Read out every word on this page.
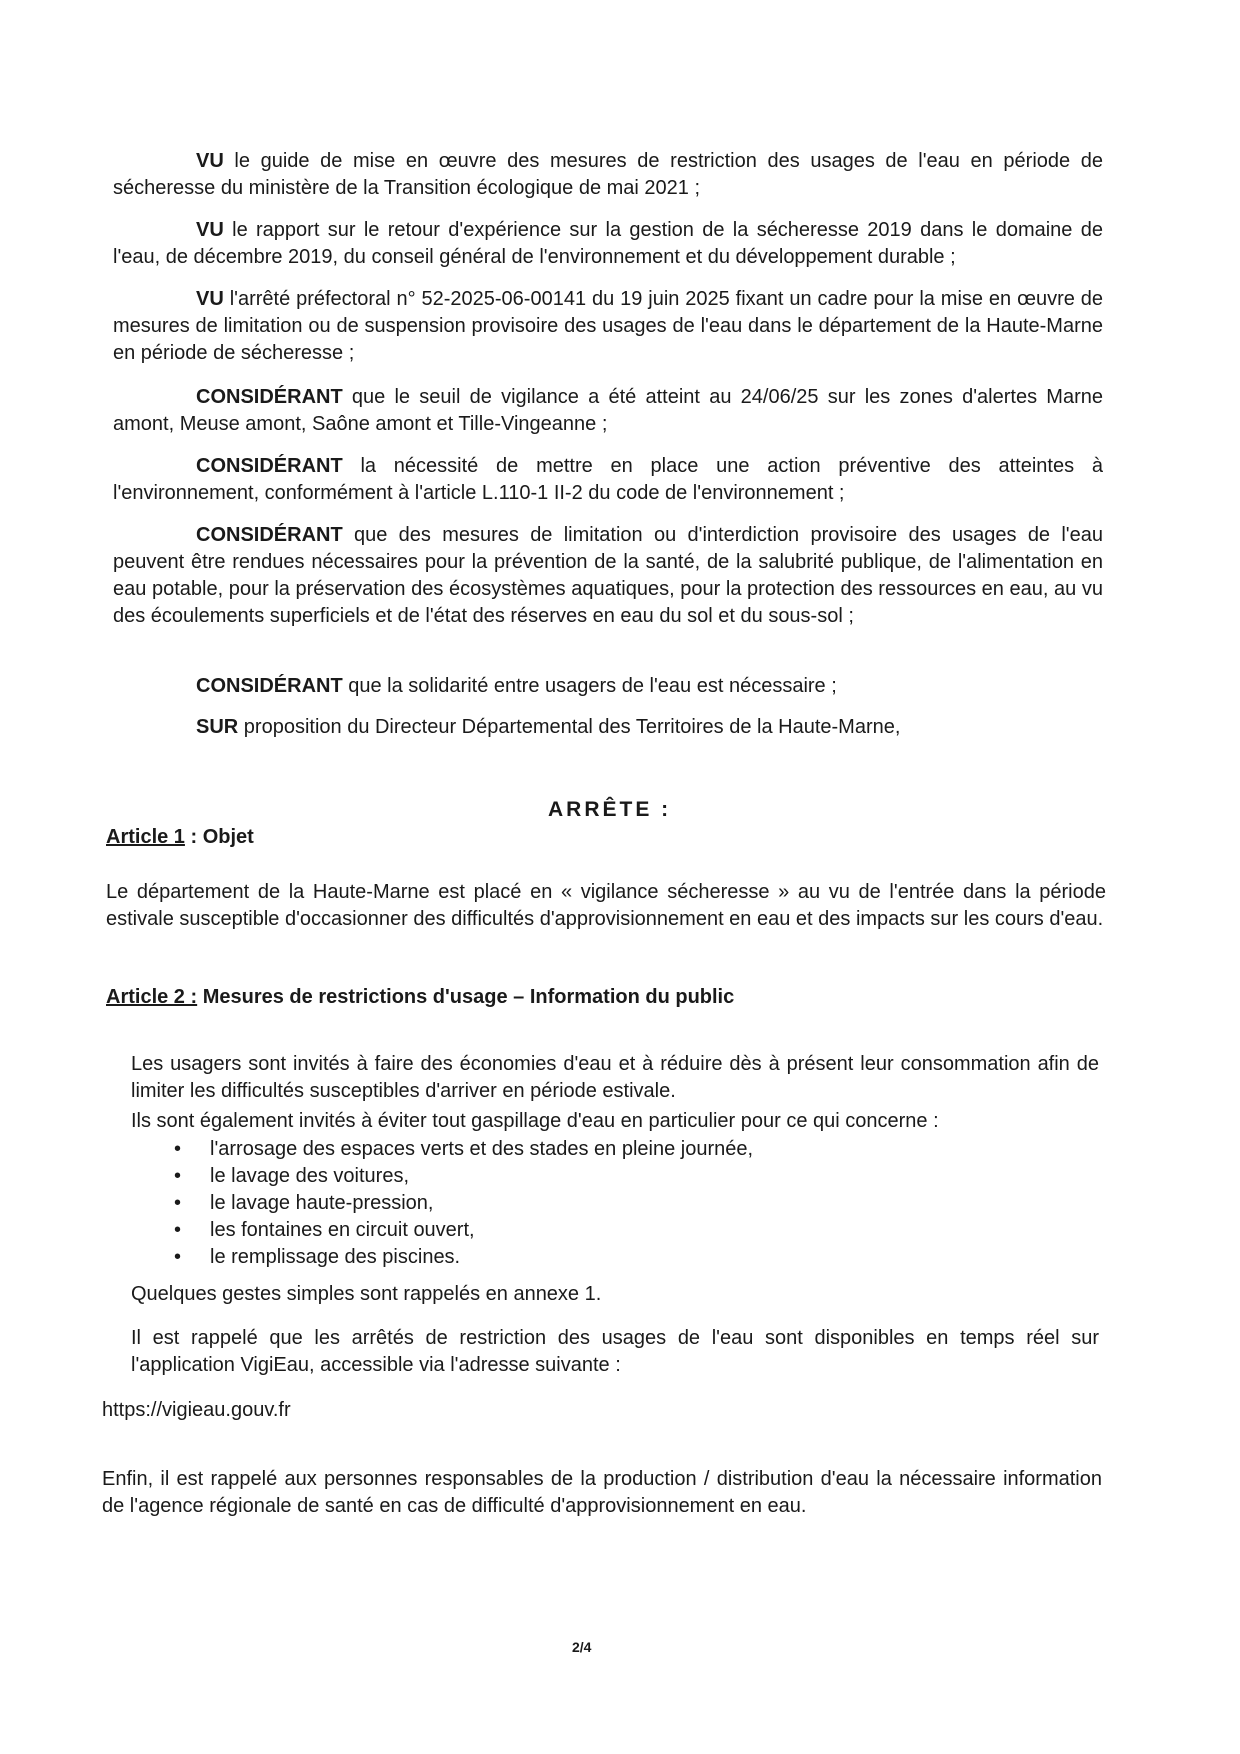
VU le guide de mise en œuvre des mesures de restriction des usages de l'eau en période de sécheresse du ministère de la Transition écologique de mai 2021 ;

VU le rapport sur le retour d'expérience sur la gestion de la sécheresse 2019 dans le domaine de l'eau, de décembre 2019, du conseil général de l'environnement et du développement durable ;

VU l'arrêté préfectoral n° 52-2025-06-00141 du 19 juin 2025 fixant un cadre pour la mise en œuvre de mesures de limitation ou de suspension provisoire des usages de l'eau dans le département de la Haute-Marne en période de sécheresse ;

CONSIDÉRANT que le seuil de vigilance a été atteint au 24/06/25 sur les zones d'alertes Marne amont, Meuse amont, Saône amont et Tille-Vingeanne ;

CONSIDÉRANT la nécessité de mettre en place une action préventive des atteintes à l'environnement, conformément à l'article L.110-1 II-2 du code de l'environnement ;

CONSIDÉRANT que des mesures de limitation ou d'interdiction provisoire des usages de l'eau peuvent être rendues nécessaires pour la prévention de la santé, de la salubrité publique, de l'alimentation en eau potable, pour la préservation des écosystèmes aquatiques, pour la protection des ressources en eau, au vu des écoulements superficiels et de l'état des réserves en eau du sol et du sous-sol ;

CONSIDÉRANT que la solidarité entre usagers de l'eau est nécessaire ;

SUR proposition du Directeur Départemental des Territoires de la Haute-Marne,

ARRÊTE :

Article 1 : Objet

Le département de la Haute-Marne est placé en « vigilance sécheresse » au vu de l'entrée dans la période estivale susceptible d'occasionner des difficultés d'approvisionnement en eau et des impacts sur les cours d'eau.

Article 2 : Mesures de restrictions d'usage – Information du public

Les usagers sont invités à faire des économies d'eau et à réduire dès à présent leur consommation afin de limiter les difficultés susceptibles d'arriver en période estivale.

Ils sont également invités à éviter tout gaspillage d'eau en particulier pour ce qui concerne :

• l'arrosage des espaces verts et des stades en pleine journée,
• le lavage des voitures,
• le lavage haute-pression,
• les fontaines en circuit ouvert,
• le remplissage des piscines.

Quelques gestes simples sont rappelés en annexe 1.

Il est rappelé que les arrêtés de restriction des usages de l'eau sont disponibles en temps réel sur l'application VigiEau, accessible via l'adresse suivante :

https://vigieau.gouv.fr

Enfin, il est rappelé aux personnes responsables de la production / distribution d'eau la nécessaire information de l'agence régionale de santé en cas de difficulté d'approvisionnement en eau.

2/4
